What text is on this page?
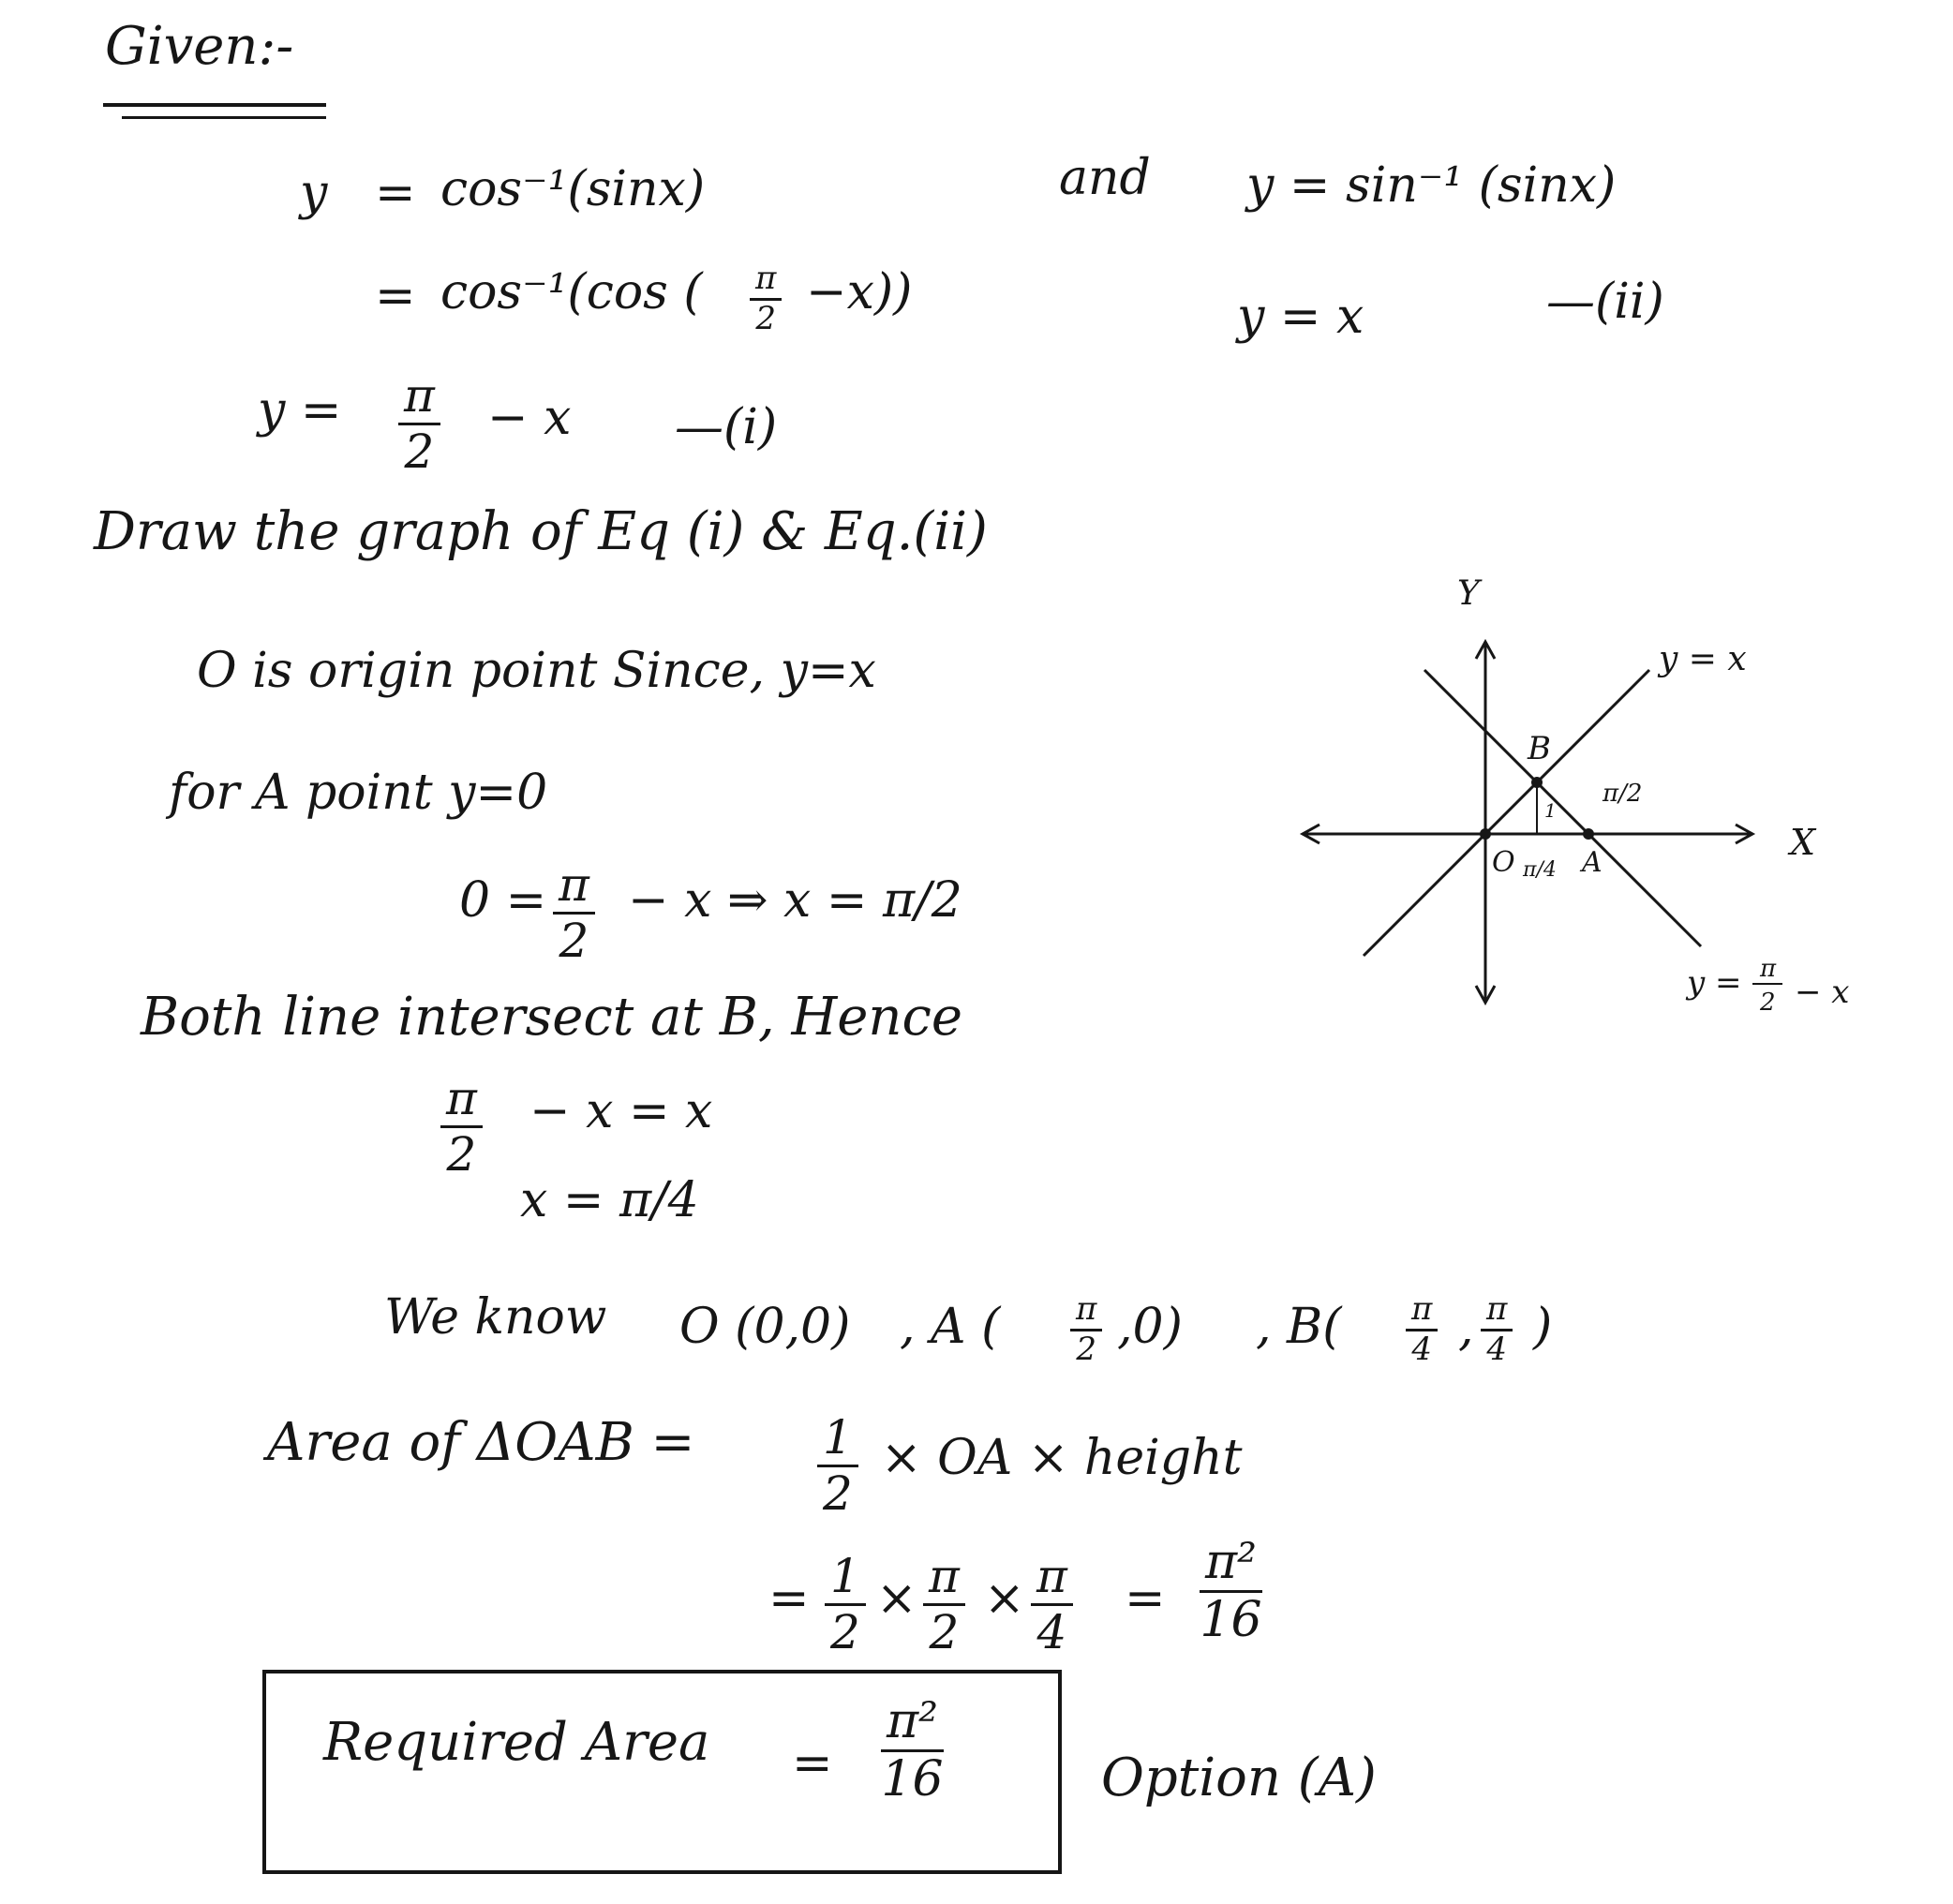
Given:-
y = cos⁻¹(sinx)	and y = sin⁻¹ (sinx)
= cos⁻¹(cos ( $\frac{\pi}{2} -x$))	y = x	—(ii)
$y = \frac{\pi}{2} - x$ —(i)
Draw the graph of Eq (i) & Eq.(ii)
O is origin point Since, y=x
for A point y=0
$0 = \frac{\pi}{2} - x$ ⇒ x = π/2
Both line intersect at B, Hence
$\frac{\pi}{2} - x = x$
x = π/4
We know O (0,0) , A ( $\frac{\pi}{2} ,0$) , $B( \frac{\pi}{4}$ , $\frac{\pi}{4}$ )
Area of ΔOAB =	$\frac{1}{2}$ × OA × height
= $\frac{1}{2} \times \frac{\pi}{2} \times \frac{\pi}{4} = \frac{\text{π²}}{16}$
Required Area = $\frac{\text{π²}}{16}$	Option (A)
Y
X
y = x
B
O A
π/2
π/4
1
y = π
2 − x
